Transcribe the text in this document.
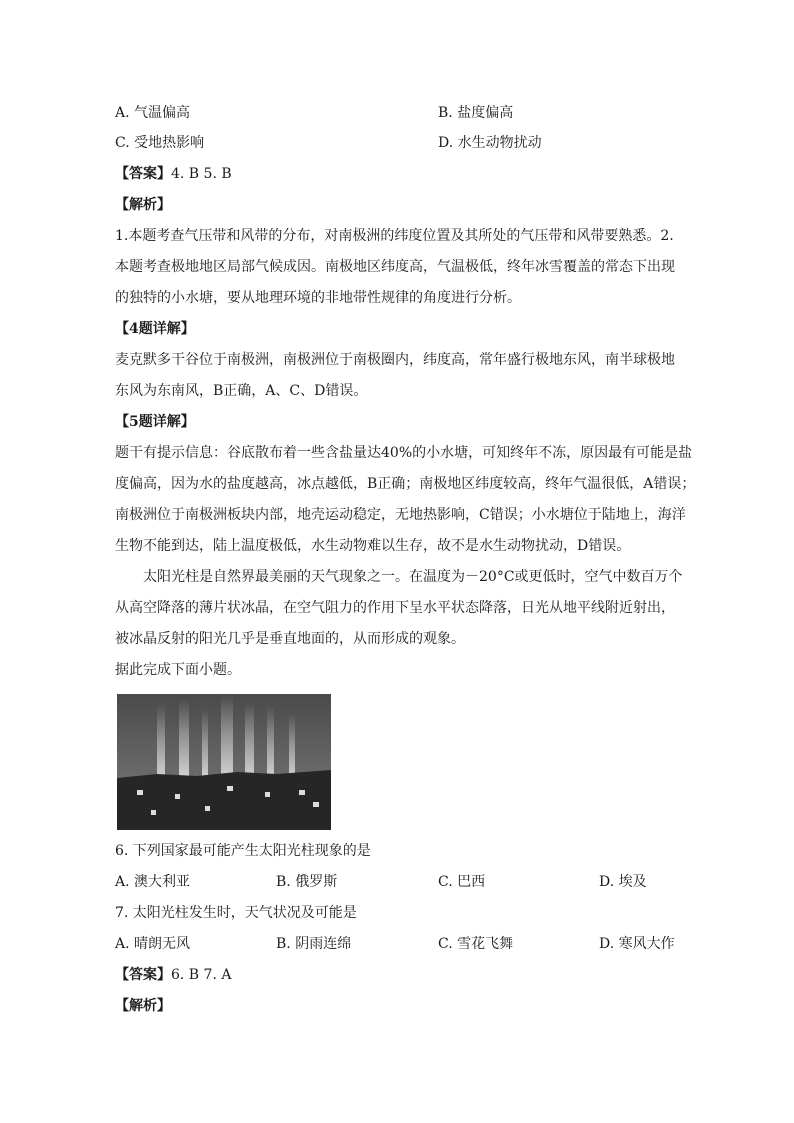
A. 气温偏高	B. 盐度偏高
C. 受地热影响	D. 水生动物扰动
【答案】4. B 5. B
【解析】
1.本题考查气压带和风带的分布，对南极洲的纬度位置及其所处的气压带和风带要熟悉。2.
本题考查极地地区局部气候成因。南极地区纬度高，气温极低，终年冰雪覆盖的常态下出现
的独特的小水塘，要从地理环境的非地带性规律的角度进行分析。
【4题详解】
麦克默多干谷位于南极洲，南极洲位于南极圈内，纬度高，常年盛行极地东风，南半球极地
东风为东南风，B正确，A、C、D错误。
【5题详解】
题干有提示信息：谷底散布着一些含盐量达40%的小水塘，可知终年不冻，原因最有可能是盐
度偏高，因为水的盐度越高，冰点越低，B正确；南极地区纬度较高，终年气温很低，A错误；
南极洲位于南极洲板块内部，地壳运动稳定，无地热影响，C错误；小水塘位于陆地上，海洋
生物不能到达，陆上温度极低，水生动物难以生存，故不是水生动物扰动，D错误。
太阳光柱是自然界最美丽的天气现象之一。在温度为－20°C或更低时，空气中数百万个
从高空降落的薄片状冰晶，在空气阻力的作用下呈水平状态降落，日光从地平线附近射出，
被冰晶反射的阳光几乎是垂直地面的，从而形成的观象。
据此完成下面小题。
6. 下列国家最可能产生太阳光柱现象的是
A. 澳大利亚	B. 俄罗斯	C. 巴西	D. 埃及
7. 太阳光柱发生时，天气状况及可能是
A. 晴朗无风	B. 阴雨连绵	C. 雪花飞舞	D. 寒风大作
【答案】6. B 7. A
【解析】
